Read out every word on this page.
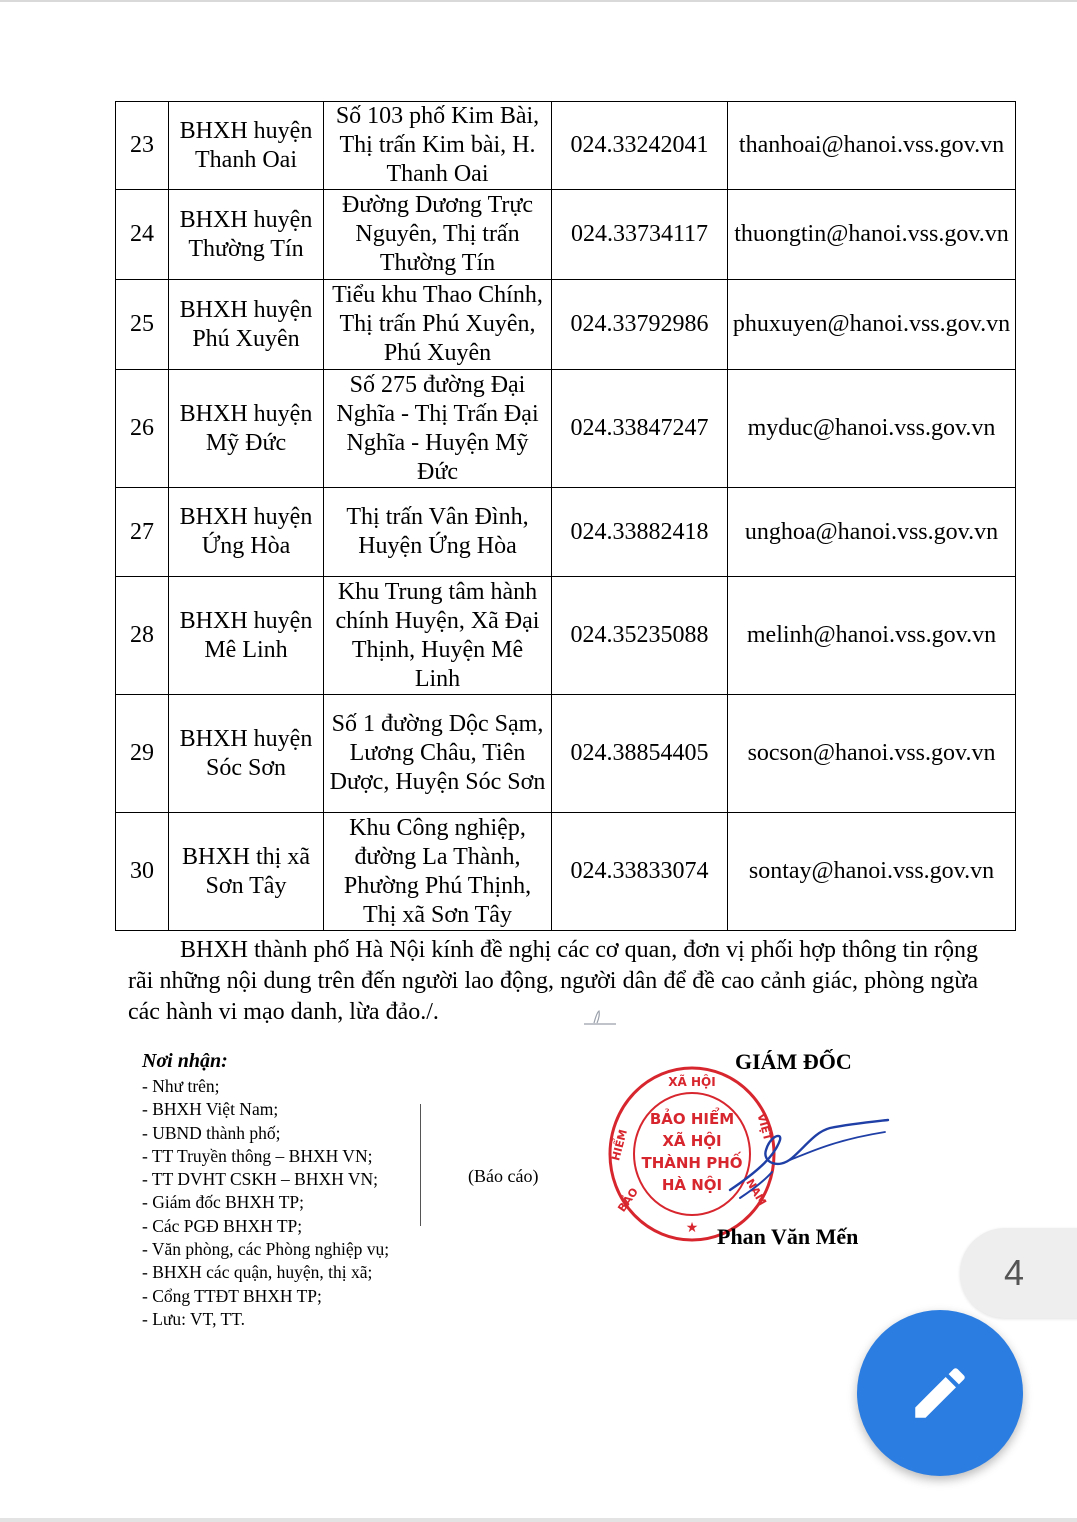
23	BHXH huyện Thanh Oai	Số 103 phố Kim Bài, Thị trấn Kim bài, H. Thanh Oai	024.33242041	thanhoai@hanoi.vss.gov.vn
24	BHXH huyện Thường Tín	Đường Dương Trực Nguyên, Thị trấn Thường Tín	024.33734117	thuongtin@hanoi.vss.gov.vn
25	BHXH huyện Phú Xuyên	Tiểu khu Thao Chính, Thị trấn Phú Xuyên, Phú Xuyên	024.33792986	phuxuyen@hanoi.vss.gov.vn
26	BHXH huyện Mỹ Đức	Số 275 đường Đại Nghĩa - Thị Trấn Đại Nghĩa - Huyện Mỹ Đức	024.33847247	myduc@hanoi.vss.gov.vn
27	BHXH huyện Ứng Hòa	Thị trấn Vân Đình, Huyện Ứng Hòa	024.33882418	unghoa@hanoi.vss.gov.vn
28	BHXH huyện Mê Linh	Khu Trung tâm hành chính Huyện, Xã Đại Thịnh, Huyện Mê Linh	024.35235088	melinh@hanoi.vss.gov.vn
29	BHXH huyện Sóc Sơn	Số 1 đường Dộc Sạm, Lương Châu, Tiên Dược, Huyện Sóc Sơn	024.38854405	socson@hanoi.vss.gov.vn
30	BHXH thị xã Sơn Tây	Khu Công nghiệp, đường La Thành, Phường Phú Thịnh, Thị xã Sơn Tây	024.33833074	sontay@hanoi.vss.gov.vn

BHXH thành phố Hà Nội kính đề nghị các cơ quan, đơn vị phối hợp thông tin rộng rãi những nội dung trên đến người lao động, người dân để đề cao cảnh giác, phòng ngừa các hành vi mạo danh, lừa đảo./.

Nơi nhận:
- Như trên;
- BHXH Việt Nam;
- UBND thành phố;
- TT Truyền thông – BHXH VN;
- TT DVHT CSKH – BHXH VN;
- Giám đốc BHXH TP;
- Các PGĐ BHXH TP;
- Văn phòng, các Phòng nghiệp vụ;
- BHXH các quận, huyện, thị xã;
- Cổng TTĐT BHXH TP;
- Lưu: VT, TT.
(Báo cáo)
GIÁM ĐỐC
BẢO HIỂM
XÃ HỘI
THÀNH PHỐ
HÀ NỘI
XÃ HỘI
HIỂM
VIỆT
BẢO	NAM
★ Phan Văn Mến
4
